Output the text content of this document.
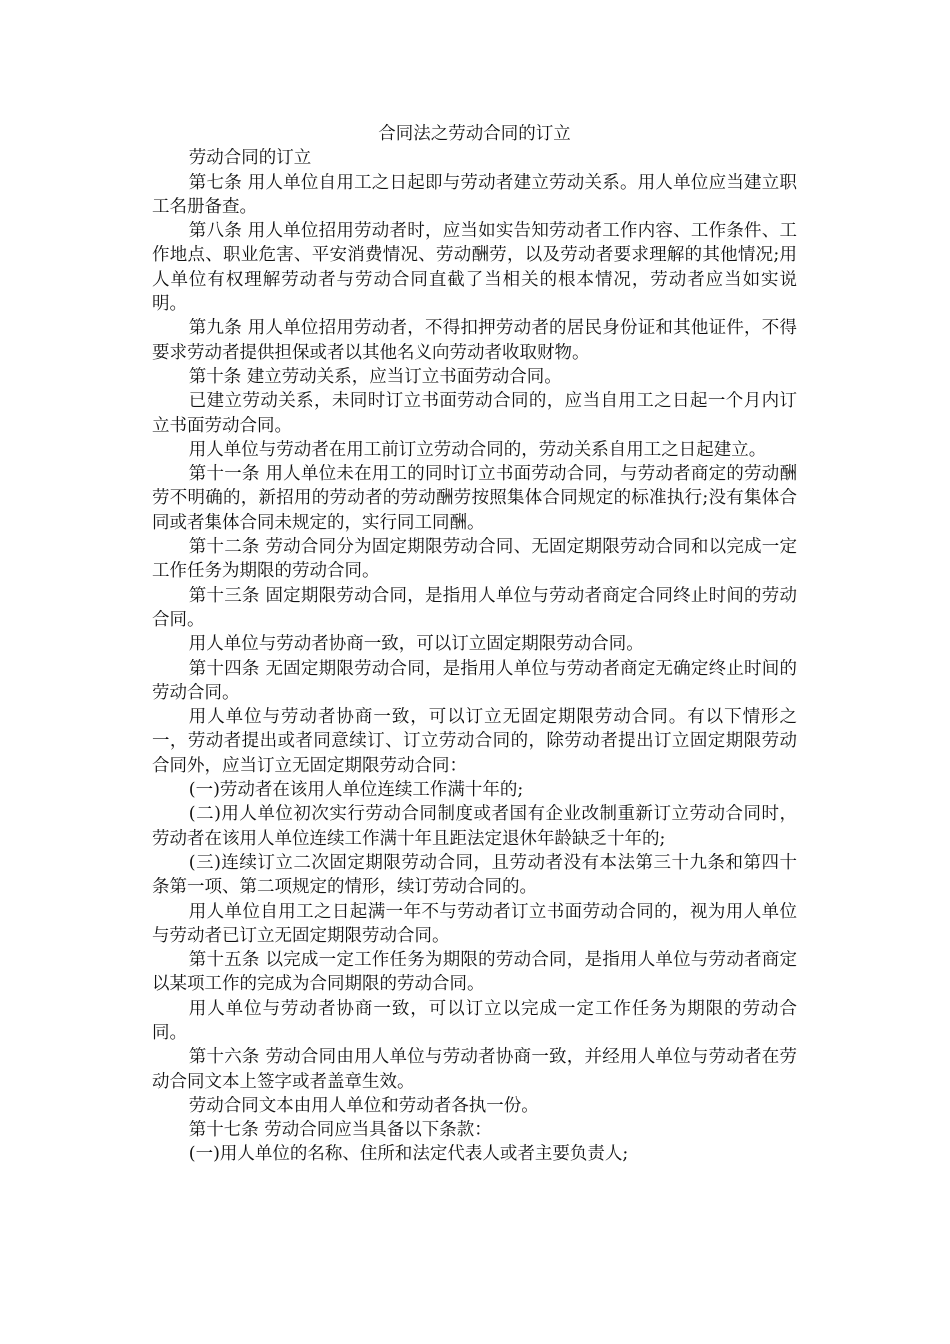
合同法之劳动合同的订立

劳动合同的订立

第七条 用人单位自用工之日起即与劳动者建立劳动关系。用人单位应当建立职工名册备查。

第八条 用人单位招用劳动者时，应当如实告知劳动者工作内容、工作条件、工作地点、职业危害、平安消费情况、劳动酬劳，以及劳动者要求理解的其他情况;用人单位有权理解劳动者与劳动合同直截了当相关的根本情况，劳动者应当如实说明。

第九条 用人单位招用劳动者，不得扣押劳动者的居民身份证和其他证件，不得要求劳动者提供担保或者以其他名义向劳动者收取财物。

第十条 建立劳动关系，应当订立书面劳动合同。

已建立劳动关系，未同时订立书面劳动合同的，应当自用工之日起一个月内订立书面劳动合同。

用人单位与劳动者在用工前订立劳动合同的，劳动关系自用工之日起建立。

第十一条 用人单位未在用工的同时订立书面劳动合同，与劳动者商定的劳动酬劳不明确的，新招用的劳动者的劳动酬劳按照集体合同规定的标准执行;没有集体合同或者集体合同未规定的，实行同工同酬。

第十二条 劳动合同分为固定期限劳动合同、无固定期限劳动合同和以完成一定工作任务为期限的劳动合同。

第十三条 固定期限劳动合同，是指用人单位与劳动者商定合同终止时间的劳动合同。

用人单位与劳动者协商一致，可以订立固定期限劳动合同。

第十四条 无固定期限劳动合同，是指用人单位与劳动者商定无确定终止时间的劳动合同。

用人单位与劳动者协商一致，可以订立无固定期限劳动合同。有以下情形之一，劳动者提出或者同意续订、订立劳动合同的，除劳动者提出订立固定期限劳动合同外，应当订立无固定期限劳动合同：

(一)劳动者在该用人单位连续工作满十年的;

(二)用人单位初次实行劳动合同制度或者国有企业改制重新订立劳动合同时，劳动者在该用人单位连续工作满十年且距法定退休年龄缺乏十年的;

(三)连续订立二次固定期限劳动合同，且劳动者没有本法第三十九条和第四十条第一项、第二项规定的情形，续订劳动合同的。

用人单位自用工之日起满一年不与劳动者订立书面劳动合同的，视为用人单位与劳动者已订立无固定期限劳动合同。

第十五条 以完成一定工作任务为期限的劳动合同，是指用人单位与劳动者商定以某项工作的完成为合同期限的劳动合同。

用人单位与劳动者协商一致，可以订立以完成一定工作任务为期限的劳动合同。

第十六条 劳动合同由用人单位与劳动者协商一致，并经用人单位与劳动者在劳动合同文本上签字或者盖章生效。

劳动合同文本由用人单位和劳动者各执一份。

第十七条 劳动合同应当具备以下条款：

(一)用人单位的名称、住所和法定代表人或者主要负责人;
